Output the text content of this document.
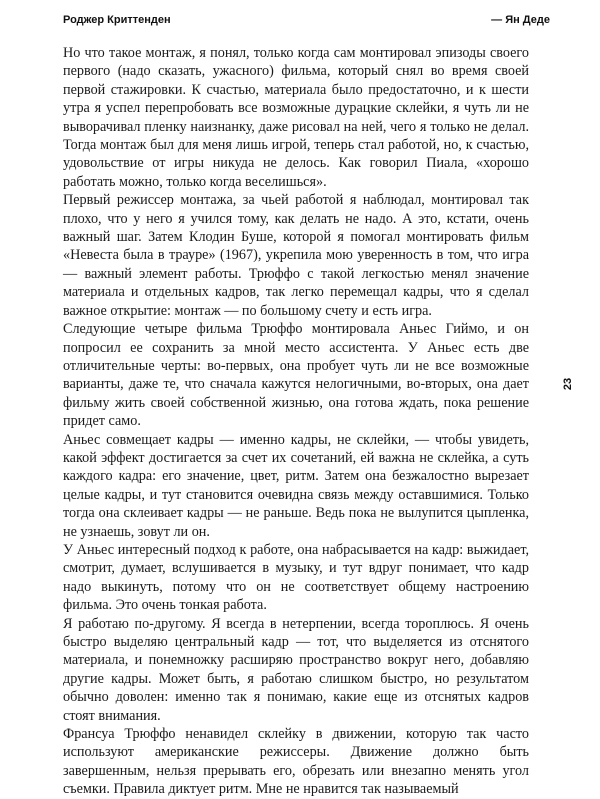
Роджер Криттенден	— Ян Деде

Но что такое монтаж, я понял, только когда сам монтировал эпизоды своего первого (надо сказать, ужасного) фильма, который снял во время своей первой стажировки. К счастью, материала было предостаточно, и к шести утра я успел перепробовать все возможные дурацкие склейки, я чуть ли не выворачивал пленку наизнанку, даже рисовал на ней, чего я только не делал. Тогда монтаж был для меня лишь игрой, теперь стал работой, но, к счастью, удовольствие от игры никуда не делось. Как говорил Пиала, «хорошо работать можно, только когда веселишься».

Первый режиссер монтажа, за чьей работой я наблюдал, монтировал так плохо, что у него я учился тому, как делать не надо. А это, кстати, очень важный шаг. Затем Клодин Буше, которой я помогал монтировать фильм «Невеста была в трауре» (1967), укрепила мою уверенность в том, что игра — важный элемент работы. Трюффо с такой легкостью менял значение материала и отдельных кадров, так легко перемещал кадры, что я сделал важное открытие: монтаж — по большому счету и есть игра.

Следующие четыре фильма Трюффо монтировала Аньес Гиймо, и он попросил ее сохранить за мной место ассистента. У Аньес есть две отличительные черты: во-первых, она пробует чуть ли не все возможные варианты, даже те, что сначала кажутся нелогичными, во-вторых, она дает фильму жить своей собственной жизнью, она готова ждать, пока решение придет само.

Аньес совмещает кадры — именно кадры, не склейки, — чтобы увидеть, какой эффект достигается за счет их сочетаний, ей важна не склейка, а суть каждого кадра: его значение, цвет, ритм. Затем она безжалостно вырезает целые кадры, и тут становится очевидна связь между оставшимися. Только тогда она склеивает кадры — не раньше. Ведь пока не вылупится цыпленка, не узнаешь, зовут ли он.

У Аньес интересный подход к работе, она набрасывается на кадр: выжидает, смотрит, думает, вслушивается в музыку, и тут вдруг понимает, что кадр надо выкинуть, потому что он не соответствует общему настроению фильма. Это очень тонкая работа.

Я работаю по-другому. Я всегда в нетерпении, всегда тороплюсь. Я очень быстро выделяю центральный кадр — тот, что выделяется из отснятого материала, и понемножку расширяю пространство вокруг него, добавляю другие кадры. Может быть, я работаю слишком быстро, но результатом обычно доволен: именно так я понимаю, какие еще из отснятых кадров стоят внимания.

Франсуа Трюффо ненавидел склейку в движении, которую так часто используют американские режиссеры. Движение должно быть завершенным, нельзя прерывать его, обрезать или внезапно менять угол съемки. Правила диктует ритм. Мне не нравится так называемый

23
